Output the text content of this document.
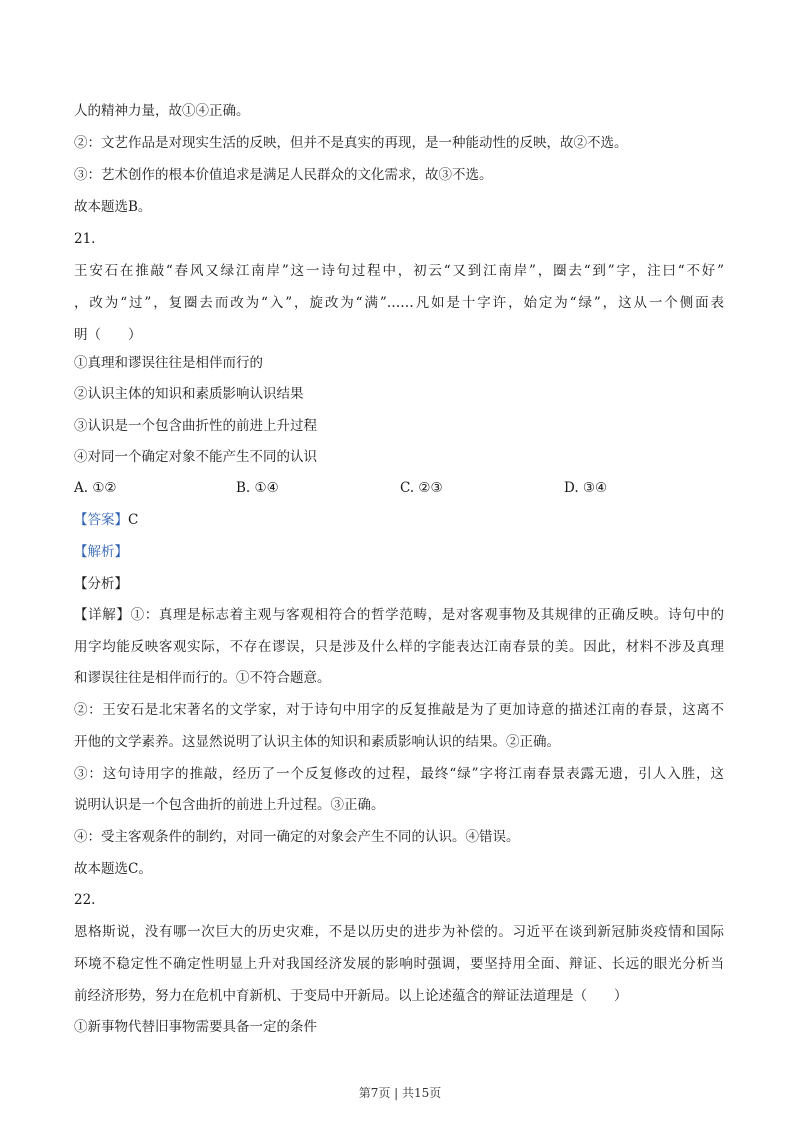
人的精神力量，故①④正确。
②：文艺作品是对现实生活的反映，但并不是真实的再现，是一种能动性的反映，故②不选。
③：艺术创作的根本价值追求是满足人民群众的文化需求，故③不选。
故本题选B。
21.
王安石在推敲“春风又绿江南岸”这一诗句过程中，初云“又到江南岸”，圈去“到”字，注曰“不好”
，改为“过”，复圈去而改为“入”，旋改为“满”……凡如是十字许，始定为“绿”，这从一个侧面表
明（　　）
①真理和谬误往往是相伴而行的
②认识主体的知识和素质影响认识结果
③认识是一个包含曲折性的前进上升过程
④对同一个确定对象不能产生不同的认识
A. ①②	B. ①④	C. ②③	D. ③④
【答案】C
【解析】
【分析】
【详解】①：真理是标志着主观与客观相符合的哲学范畴，是对客观事物及其规律的正确反映。诗句中的
用字均能反映客观实际，不存在谬误，只是涉及什么样的字能表达江南春景的美。因此，材料不涉及真理
和谬误往往是相伴而行的。①不符合题意。
②：王安石是北宋著名的文学家，对于诗句中用字的反复推敲是为了更加诗意的描述江南的春景，这离不
开他的文学素养。这显然说明了认识主体的知识和素质影响认识的结果。②正确。
③：这句诗用字的推敲，经历了一个反复修改的过程，最终“绿”字将江南春景表露无遗，引人入胜，这
说明认识是一个包含曲折的前进上升过程。③正确。
④：受主客观条件的制约，对同一确定的对象会产生不同的认识。④错误。
故本题选C。
22.
恩格斯说，没有哪一次巨大的历史灾难，不是以历史的进步为补偿的。习近平在谈到新冠肺炎疫情和国际
环境不稳定性不确定性明显上升对我国经济发展的影响时强调，要坚持用全面、辩证、长远的眼光分析当
前经济形势，努力在危机中育新机、于变局中开新局。以上论述蕴含的辩证法道理是（　　）
①新事物代替旧事物需要具备一定的条件
第7页 | 共15页
